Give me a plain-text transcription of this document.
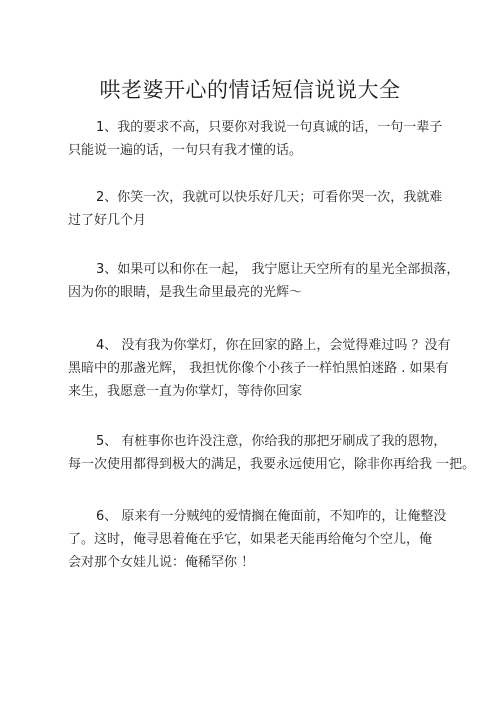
哄老婆开心的情话短信说说大全
1、我的要求不高，只要你对我说一句真诚的话，一句一辈子
只能说一遍的话，一句只有我才懂的话。
2、你笑一次，我就可以快乐好几天；可看你哭一次，我就难
过了好几个月
3、如果可以和你在一起， 我宁愿让天空所有的星光全部损落，
因为你的眼睛，是我生命里最亮的光辉～
4、 没有我为你掌灯，你在回家的路上，会觉得难过吗 ？没有
黑暗中的那盏光辉， 我担忧你像个小孩子一样怕黑怕迷路 . 如果有
来生，我愿意一直为你掌灯，等待你回家
5、 有桩事你也许没注意，你给我的那把牙刷成了我的恩物，
每一次使用都得到极大的满足，我要永远使用它，除非你再给我 一把。
6、 原来有一分贼纯的爱情搁在俺面前，不知咋的，让俺整没
了。这时，俺寻思着俺在乎它，如果老天能再给俺匀个空儿，俺
会对那个女娃儿说：俺稀罕你 ！
